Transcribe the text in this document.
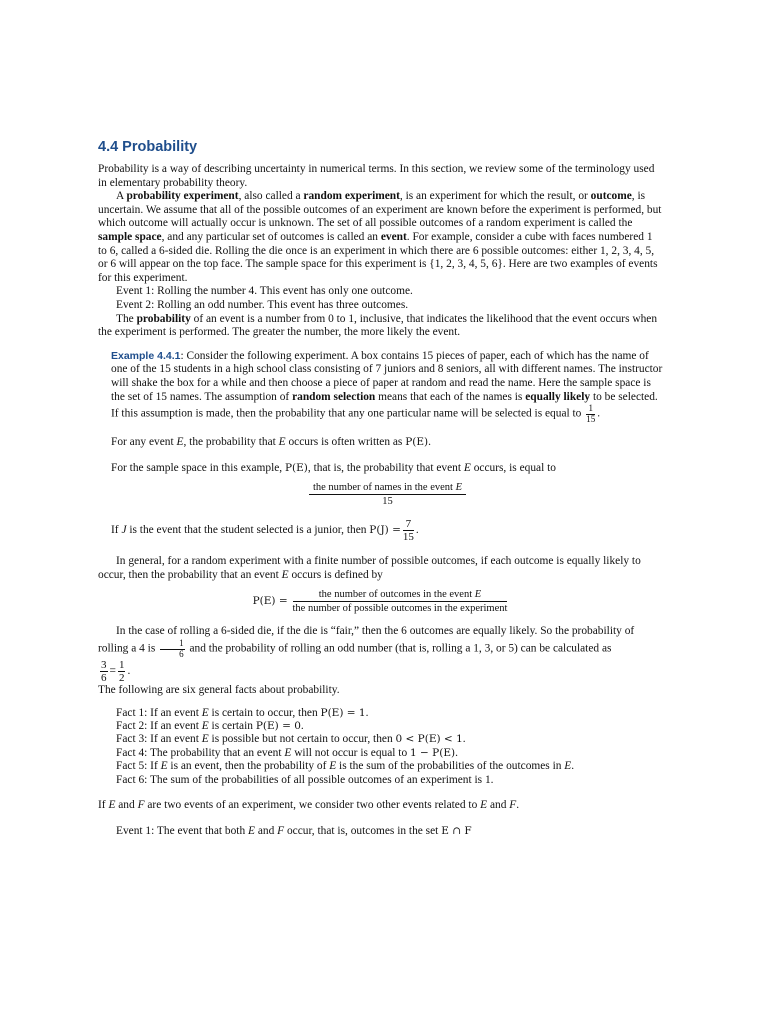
4.4 Probability

Probability is a way of describing uncertainty in numerical terms. In this section, we review some of the terminology used in elementary probability theory.

A probability experiment, also called a random experiment, is an experiment for which the result, or outcome, is uncertain. We assume that all of the possible outcomes of an experiment are known before the experiment is performed, but which outcome will actually occur is unknown. The set of all possible outcomes of a random experiment is called the sample space, and any particular set of outcomes is called an event. For example, consider a cube with faces numbered 1 to 6, called a 6-sided die. Rolling the die once is an experiment in which there are 6 possible outcomes: either 1, 2, 3, 4, 5, or 6 will appear on the top face. The sample space for this experiment is {1, 2, 3, 4, 5, 6}. Here are two examples of events for this experiment.

Event 1: Rolling the number 4. This event has only one outcome.

Event 2: Rolling an odd number. This event has three outcomes.

The probability of an event is a number from 0 to 1, inclusive, that indicates the likelihood that the event occurs when the experiment is performed. The greater the number, the more likely the event.

Example 4.4.1: Consider the following experiment. A box contains 15 pieces of paper, each of which has the name of one of the 15 students in a high school class consisting of 7 juniors and 8 seniors, all with different names. The instructor will shake the box for a while and then choose a piece of paper at random and read the name. Here the sample space is the set of 15 names. The assumption of random selection means that each of the names is equally likely to be selected. If this assumption is made, then the probability that any one particular name will be selected is equal to $\frac{1}{15}$ .

For any event E, the probability that E occurs is often written as P(E).

For the sample space in this example, P(E), that is, the probability that event E occurs, is equal to

$\frac{\text{the number of names in the event E}}{15}$

If J is the event that the student selected is a junior, then $P(J) = \frac{7}{15}$ .

In general, for a random experiment with a finite number of possible outcomes, if each outcome is equally likely to occur, then the probability that an event E occurs is defined by

$P(E) = \frac{\text{the number of outcomes in the event E}}{\text{the number of possible outcomes in the experiment}}$

In the case of rolling a 6-sided die, if the die is “fair,” then the 6 outcomes are equally likely. So the probability of rolling a 4 is $\frac{1}{6}$ and the probability of rolling an odd number (that is, rolling a 1, 3, or 5) can be calculated as

$\frac{3}{6} = \frac{1}{2}$ .

The following are six general facts about probability.

Fact 1: If an event E is certain to occur, then P(E) = 1.

Fact 2: If an event E is certain P(E) = 0.

Fact 3: If an event E is possible but not certain to occur, then 0 < P(E) < 1.

Fact 4: The probability that an event E will not occur is equal to 1 − P(E).

Fact 5: If E is an event, then the probability of E is the sum of the probabilities of the outcomes in E.

Fact 6: The sum of the probabilities of all possible outcomes of an experiment is 1.

If E and F are two events of an experiment, we consider two other events related to E and F.

Event 1: The event that both E and F occur, that is, outcomes in the set E ∩ F
